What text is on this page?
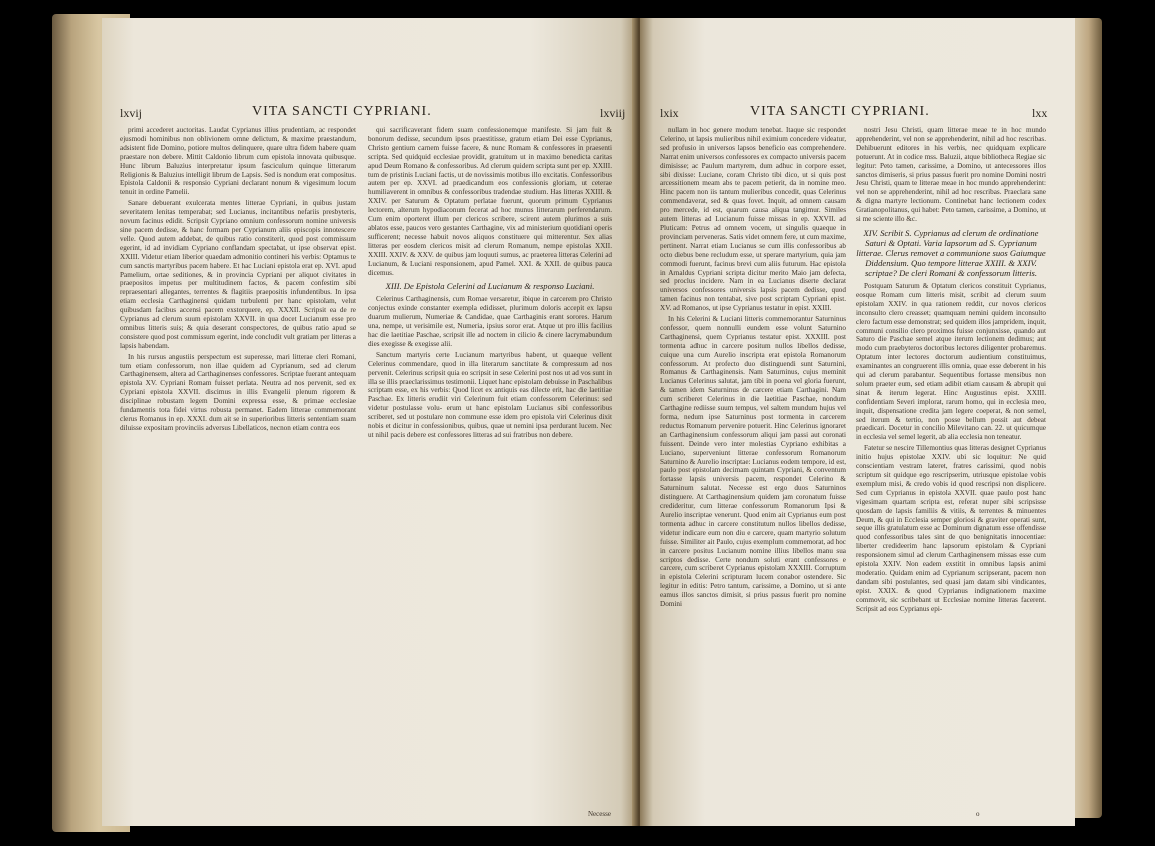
lxvij	VITA SANCTI CYPRIANI.	lxviij

primi accederet auctoritas. Laudat Cyprianus illius prudentiam, ac respondet ejusmodi hominibus non oblivionem omne delictum, & maxime praestandum, adsistent fide Domino, potiore multos delinquere, quare ultra fidem habere quam praestare non debere. Mittit Caldonio librum cum epistola innovata quibusque. Hunc librum Baluzius interpretatur ipsum fasciculum quinque litterarum Religionis & Baluzius intelligit librum de Lapsis. Sed is nondum erat compositus. Epistola Caldonii & responsio Cypriani declarant nonum & vigesimum locum tenuit in ordine Pamelii.

Sanare debuerant exulcerata mentes litterae Cypriani, in quibus justam severitatem lenitas temperabat; sed Lucianus, incitantibus nefariis presbyteris, novum facinus edidit. Scripsit Cypriano omnium confessorum nomine universis sine pacem dedisse, & hanc formam per Cyprianum aliis episcopis innotescere velle. Quod autem addebat, de quibus ratio constiterit, quod post commissum egerint, id ad invidiam Cypriano conflandam spectabat, ut ipse observat epist. XXIII. Videtur etiam liberior quaedam admonitio contineri his verbis: Optamus te cum sanctis martyribus pacem habere. Et hac Luciani epistola erat ep. XVI. apud Pamelium, ortae seditiones, & in provincia Cypriani per aliquot civitates in praepositos impetus per multitudinem factos, & pacem confestim sibi repraesentari allegantes, terrentes & flagitiis praepositis infundentibus. In ipsa etiam ecclesia Carthaginensi quidam turbulenti per hanc epistolam, velut quibusdam facibus accensi pacem exstorquere, ep. XXXII. Scripsit ea de re Cyprianus ad clerum suum epistolam XXVII. in qua docet Lucianum esse pro omnibus litteris suis; & quia deserant conspectores, de quibus ratio apud se consistere quod post commissum egerint, inde concludit vult gratiam per litteras a lapsis habendam.

In his rursus angustiis perspectum est superesse, mari litterae cleri Romani, tum etiam confessorum, non illae quidem ad Cyprianum, sed ad clerum Carthaginensem, altera ad Carthaginenses confessores. Scriptae fuerant antequam epistola XV. Cypriani Romam fuisset perlata. Neutra ad nos pervenit, sed ex Cypriani epistola XXVII. discimus in illis Evangelii plenum rigorem & disciplinae robustam legem Domini expressa esse, & primae ecclesiae fundamentis tota fidei virtus robusta permanet. Eadem litterae commemorant clerus Romanus in ep. XXXI. dum ait se in superioribus litteris sententiam suam diluisse expositam provinciis adversus Libellaticos, necnon etiam contra eos

qui sacrificaverant fidem suam confessionemque manifeste. Si jam fuit & bonorum dedisse, secundum ipsos praestitisse, gratum etiam Dei esse Cyprianus, Christo gentium carnem fuisse facere, & nunc Romam & confessores in praesenti scripta. Sed quidquid ecclesiae providit, gratuitum ut in maximo benedicta caritas apud Deum Romano & confessoribus. Ad clerum quidem scripta sunt per ep. XXIII. tum de pristinis Luciani factis, ut de novissimis motibus illo excitatis. Confessoribus autem per ep. XXVI. ad praedicandum eos confessionis gloriam, ut ceterae humiliaverent in omnibus & confessoribus tradendae studium. Has litteras XXIII. & XXIV. per Saturum & Optatum perlatae fuerunt, quorum primum Cyprianus lectorem, alterum hypodiaconum fecerat ad hoc munus litterarum perferendarum. Cum enim oporteret illum per clericos scribere, scirent autem plurimos a suis ablatos esse, paucos vero gestantes Carthagine, vix ad ministerium quotidiani operis sufficerent; necesse habuit novos aliquos constituere qui mitterentur. Sex alias litteras per eosdem clericos misit ad clerum Romanum, nempe epistolas XXII. XXIII. XXIV. & XXV. de quibus jam loquuti sumus, ac praeterea litteras Celerini ad Lucianum, & Luciani responsionem, apud Pamel. XXI. & XXII. de quibus pauca dicemus.

XIII. De Epistola Celerini ad Lucianum & responso Luciani.

Celerinus Carthaginensis, cum Romae versaretur, ibique in carcerem pro Christo conjectus exinde constanter exempla edidisset, plurimum doloris accepit ex lapsu duarum mulierum, Numeriae & Candidae, quae Carthaginis erant sorores. Harum una, nempe, ut verisimile est, Numeria, ipsius soror erat. Atque ut pro illis facilius hac die laetitiae Paschae, scripsit ille ad noctem in cilicio & cinere lacrymabundum dies exegisse & exegisse alii.

Sanctum martyris certe Lucianum martyribus habent, ut quaeque vellent Celerinus commendare, quod in illa literarum sanctitate & compressum ad nos pervenit. Celerinus scripsit quia eo scripsit in sese Celerini post nos ut ad vos sunt in illa se illis praeclarissimus testimonii. Liquet hanc epistolam debuisse in Paschalibus scriptam esse, ex his verbis: Quod licet ex antiquis eas dilecte erit, hac die laetitiae Paschae. Ex litteris erudiit viri Celerinum fuit etiam confessorem Celerinus: sed videtur postulasse volu- erum ut hanc epistolam Lucianus sibi confessoribus scriberet, sed ut postulare non commune esse idem pro epistola viri Celerinus dixit nobis et dicitur in confessionibus, quibus, quae ut nemini ipsa perdurant lucem. Nec ut nihil pacis debere est confessores litteras ad sui fratribus non debere.

Necesse
lxix	VITA SANCTI CYPRIANI.	lxx

nullam in hoc genere modum tenebat. Itaque sic respondet Celerino, ut lapsis mulieribus nihil eximium concedere videatur, sed profusio in universos lapsos beneficio eas comprehendere. Narrat enim universos confessores ex compacto universis pacem dimisisse; ac Paulum martyrem, dum adhuc in corpore esset, sibi dixisse: Luciane, coram Christo tibi dico, ut si quis post arcessitionem meam abs te pacem petierit, da in nomine meo. Hinc pacem non iis tantum mulieribus concedit, quas Celerinus commendaverat, sed & quas fovet. Inquit, ad omnem causam pro mercede, id est, quarum causa aliqua tangimur. Similes autem litteras ad Lucianum fuisse missas in ep. XXVII. ad Pluticam: Petrus ad omnem vocem, ut singulis quaeque in provinciam perveneras. Satis videt omnem fere, ut cum maxime, pertinent. Narrat etiam Lucianus se cum illis confessoribus ab octo diebus bene recludum esse, ut sperare martyrium, quia jam commodi fuerunt, facinus brevi cum aliis futurum. Hac epistola in Arnaldus Cypriani scripta dicitur merito Maio jam defecta, sed proclus incidere. Nam in ea Lucianus diserte declarat universos confessores universis lapsis pacem dedisse, quod tamen facinus non tentabat, sive post scriptam Cypriani epist. XV. ad Romanos, ut ipse Cyprianus testatur in epist. XXIII.

In his Celerini & Luciani litteris commemorantur Saturninus confessor, quem nonnulli eundem esse volunt Saturnino Carthaginensi, quem Cyprianus testatur epist. XXXIII. post tormenta adhuc in carcere positum nullos libellos dedisse, cuique una cum Aurelio inscripta erat epistola Romanorum confessorum. At profecto duo distinguendi sunt Saturnini, Romanus & Carthaginensis. Nam Saturninus, cujus meminit Lucianus Celerinus salutat, jam tibi in poena vel gloria fuerunt, & tamen idem Saturninus de carcere etiam Carthagini. Nam cum scriberet Celerinus in die laetitiae Paschae, nondum Carthagine rediisse suum tempus, vel saltem mundum hujus vel forma, nedum ipse Saturninus post tormenta in carcerem reductus Romanum pervenire potuerit. Hinc Celerinus ignoraret an Carthaginensium confessorum aliqui jam passi aut coronati fuissent. Deinde vero inter molestias Cypriano exhibitas a Luciano, superveniunt litterae confessorum Romanorum Saturnino & Aurelio inscriptae: Lucianus eodem tempore, id est, paulo post epistolam decimam quintam Cypriani, & conventum fortasse lapsis universis pacem, respondet Celerino & Saturninum salutat. Necesse est ergo duos Saturninos distinguere. At Carthaginensium quidem jam coronatum fuisse credideritur, cum litterae confessorum Romanorum Ipsi & Aurelio inscriptae venerunt. Quod enim ait Cyprianus eum post tormenta adhuc in carcere constitutum nullos libellos dedisse, videtur indicare eum non diu e carcere, quam martyrio solutum fuisse. Similiter ait Paulo, cujus exemplum commemorat, ad hoc in carcere positus Lucianum nomine illius libellos manu sua scriptos dedisse. Certe nondum soluti erant confessores e carcere, cum scriberet Cyprianus epistolam XXXIII. Corruptum in epistola Celerini scripturam lucem conabor ostendere. Sic legitur in editis: Petro tantum, carissime, a Domino, ut si ante eamus illos sanctos dimisit, si prius passus fuerit pro nomine Domini

nostri Jesu Christi, quam litterae meae te in hoc mundo apprehenderint, vel non se apprehenderint, nihil ad hoc rescribas. Dehibuerunt editores in his verbis, nec quidquam explicare potuerunt. At in codice mss. Baluzii, atque bibliotheca Regiae sic legitur: Peto tamen, carissime, a Domino, ut antecessores illos sanctos dimiseris, si prius passus fuerit pro nomine Domini nostri Jesu Christi, quam te litterae meae in hoc mundo apprehenderint: vel non se apprehenderint, nihil ad hoc rescribas. Praeclara sane & digna martyre lectionum. Continebat hanc lectionem codex Gratianopolitanus, qui habet: Peto tamen, carissime, a Domino, ut si me sciente illo &c.

XIV. Scribit S. Cyprianus ad clerum de ordinatione Saturi & Optati. Varia lapsorum ad S. Cyprianum litterae. Clerus removet a communione suos Gaiumque Diddensium. Quo tempore litterae XXIII. & XXIV. scriptae? De cleri Romani & confessorum litteris.

Postquam Saturum & Optatum clericos constituit Cyprianus, eosque Romam cum litteris misit, scribit ad clerum suum epistolam XXIV. in qua rationem reddit, cur novos clericos inconsulto clero creasset; quamquam nemini quidem inconsulto clero factum esse demonstrat; sed quidem illos jampridem, inquit, communi consilio clero proximos fuisse conjunxisse, quando aut Saturo die Paschae semel atque iterum lectionem dedimus; aut modo cum praebyteros doctoribus lectores diligenter probaremus. Optatum inter lectores doctorum audientium constituimus, examinantes an congruerent illis omnia, quae esse deberent in his qui ad clerum parabantur. Sequentibus fortasse mensibus non solum praeter eum, sed etiam adibit etiam causam & abrupit qui sinat & iterum legerat. Hinc Augustinus epist. XXIII. confidentiam Severi implorat, rarum homo, qui in ecclesia meo, inquit, dispensatione credita jam legere coeperat, & non semel, sed iterum & tertio, non posse bellum possit aut debeat praedicari. Docetur in concilio Milevitano can. 22. ut quicumque in ecclesia vel semel legerit, ab alia ecclesia non teneatur.

Fatetur se nescire Tillemontius quas litteras designet Cyprianus initio hujus epistolae XXIV. ubi sic loquitur: Ne quid conscientiam vestram lateret, fratres carissimi, quod nobis scriptum sit quidque ego rescripserim, utriusque epistolae vobis exemplum misi, & credo vobis id quod rescripsi non displicere. Sed cum Cyprianus in epistola XXVII. quae paulo post hanc vigesimam quartam scripta est, referat nuper sibi scripsisse quosdam de lapsis familiis & vitiis, & terrentes & minuentes Deum, & qui in Ecclesia semper gloriosi & graviter operati sunt, seque illis gratulatum esse ac Dominum dignatum esse offendisse quod confessoribus tales sint de quo benignitatis innocentiae: liberter credideerim hanc lapsorum epistolam & Cypriani responsionem simul ad clerum Carthaginensem missas esse cum epistola XXIV. Non eadem exstitit in omnibus lapsis animi moderatio. Quidam enim ad Cyprianum scripserant, pacem non dandam sibi postulantes, sed quasi jam datam sibi vindicantes, epist. XXIX. & quod Cyprianus indignationem maxime commovit, sic scribebant ut Ecclesiae nomine litteras facerent. Scripsit ad eos Cyprianus epi-

o
